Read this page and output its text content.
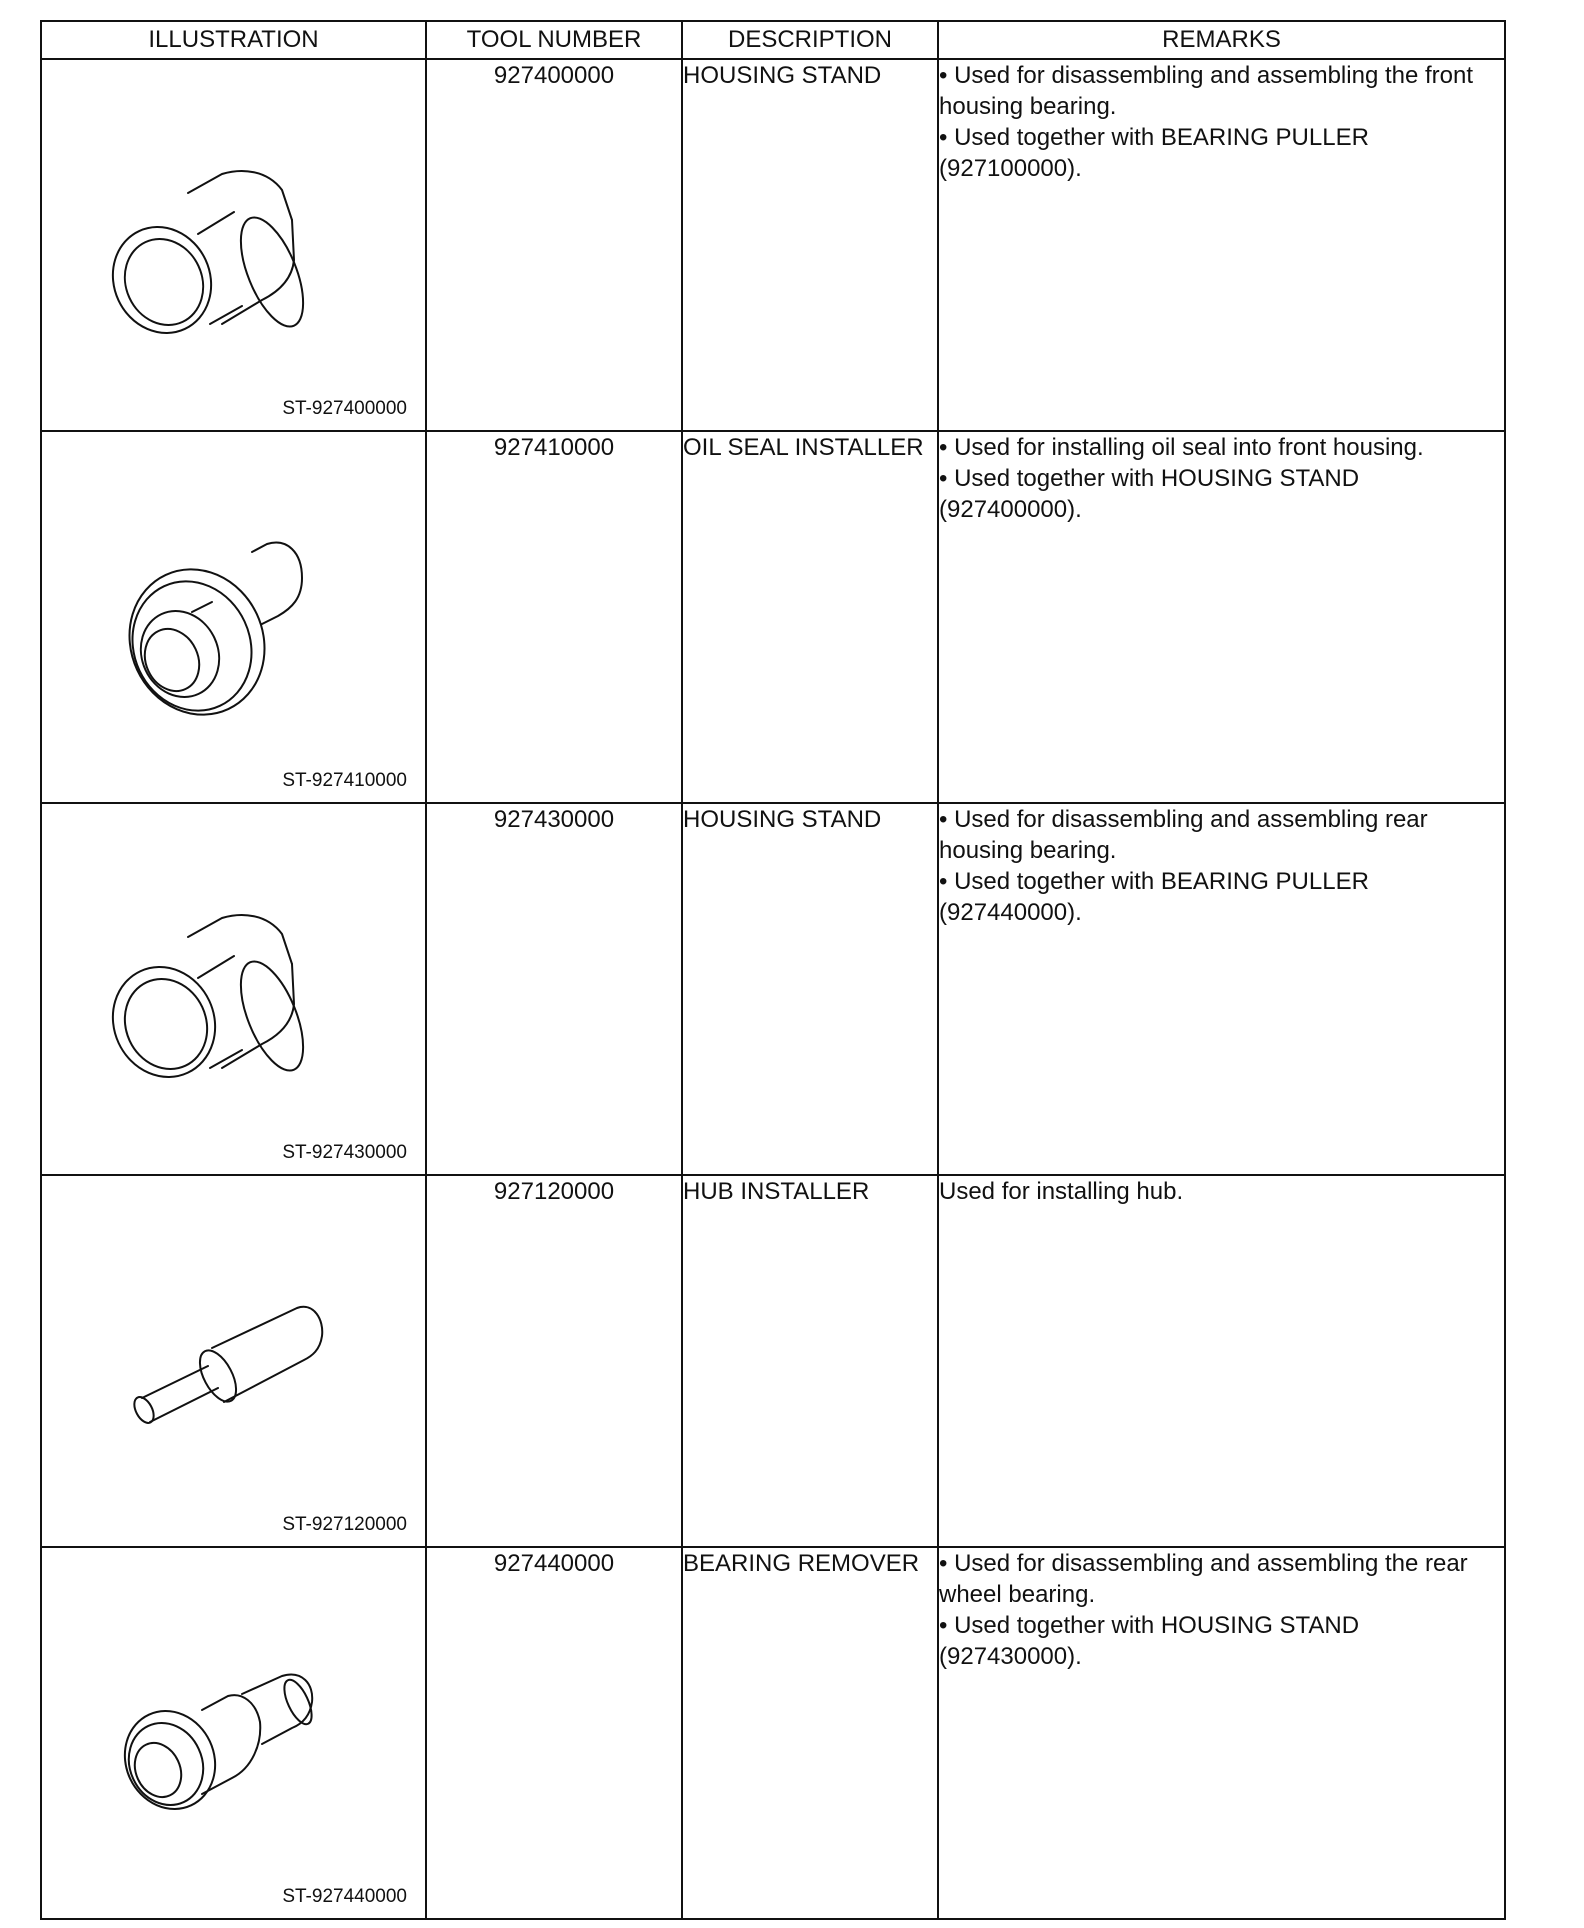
ILLUSTRATION	TOOL NUMBER	DESCRIPTION	REMARKS

ST-927400000	927400000	HOUSING STAND	• Used for disassembling and assembling the front housing bearing.
• Used together with BEARING PULLER (927100000).

ST-927410000	927410000	OIL SEAL INSTALLER	• Used for installing oil seal into front housing.
• Used together with HOUSING STAND (927400000).

ST-927430000	927430000	HOUSING STAND	• Used for disassembling and assembling rear housing bearing.
• Used together with BEARING PULLER (927440000).

ST-927120000	927120000	HUB INSTALLER	Used for installing hub.

ST-927440000	927440000	BEARING REMOVER	• Used for disassembling and assembling the rear wheel bearing.
• Used together with HOUSING STAND (927430000).
